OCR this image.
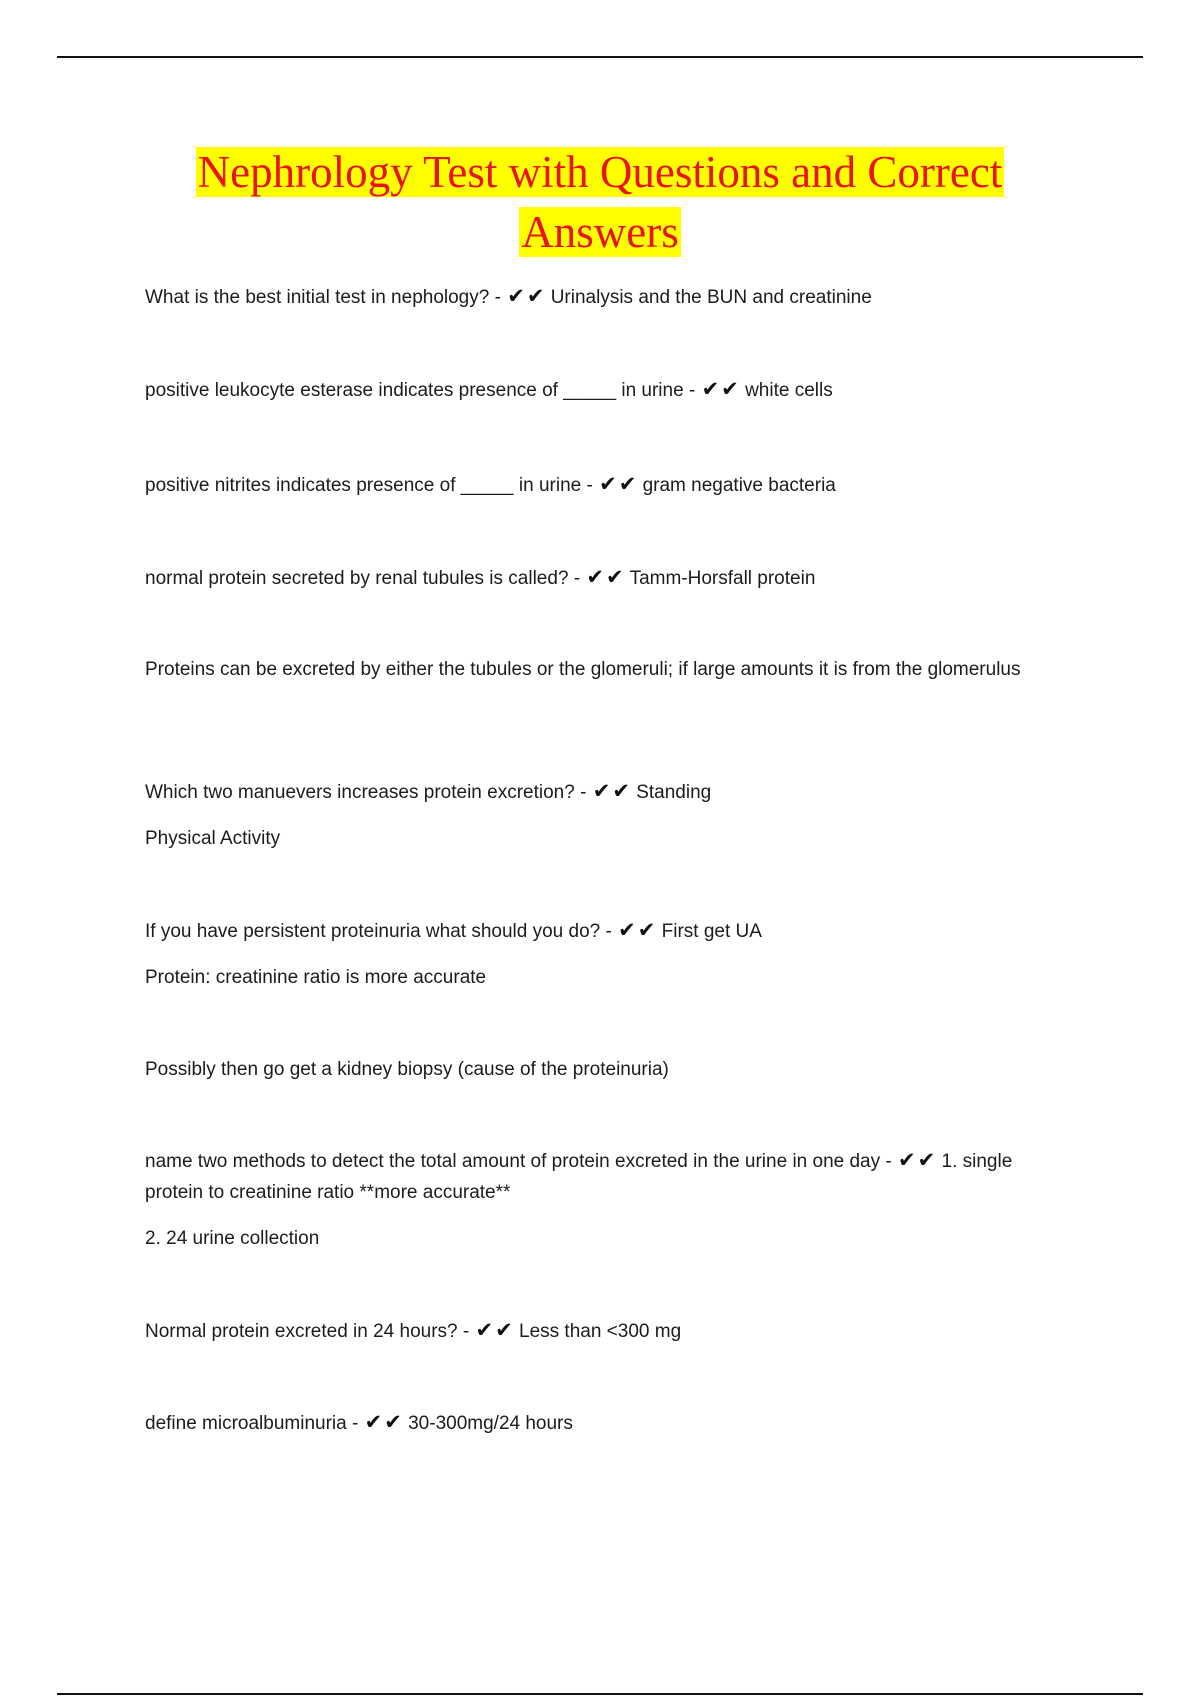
Nephrology Test with Questions and Correct
Answers
What is the best initial test in nephology? - ✔✔ Urinalysis and the BUN and creatinine
positive leukocyte esterase indicates presence of _____ in urine - ✔✔ white cells
positive nitrites indicates presence of _____ in urine - ✔✔ gram negative bacteria
normal protein secreted by renal tubules is called? - ✔✔ Tamm-Horsfall protein
Proteins can be excreted by either the tubules or the glomeruli; if large amounts it is from the glomerulus
Which two manuevers increases protein excretion? - ✔✔ Standing
Physical Activity
If you have persistent proteinuria what should you do? - ✔✔ First get UA
Protein: creatinine ratio is more accurate
Possibly then go get a kidney biopsy (cause of the proteinuria)
name two methods to detect the total amount of protein excreted in the urine in one day - ✔✔ 1. single protein to creatinine ratio **more accurate**
2. 24 urine collection
Normal protein excreted in 24 hours? - ✔✔ Less than <300 mg
define microalbuminuria - ✔✔ 30-300mg/24 hours
